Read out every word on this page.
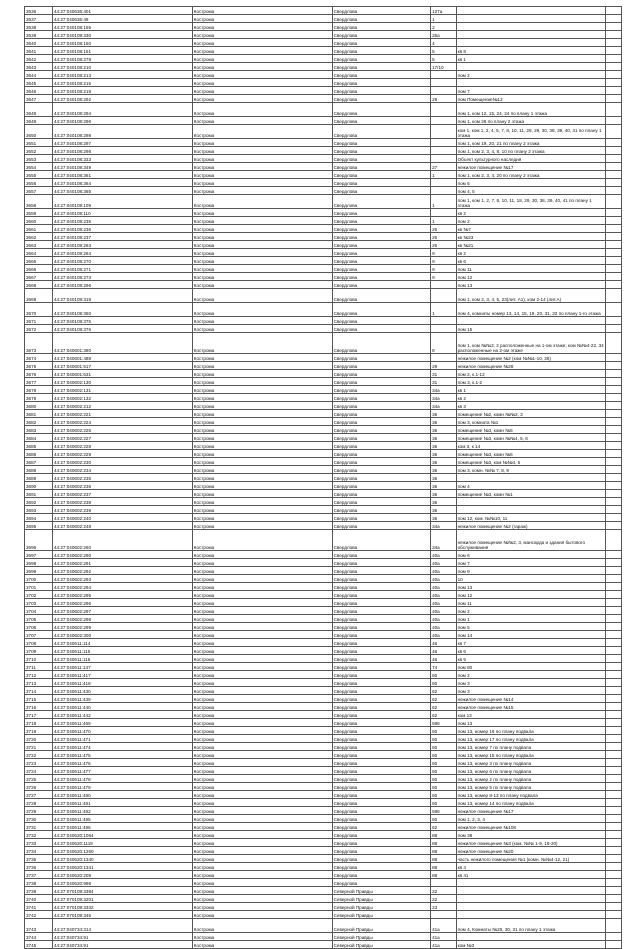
3636	44:27:040636:401	Кострома	Свердлова	127а		
3637	44:27:040636:49	Кострома	Свердлова	1		
3638	44:27:040108:155	Кострома	Свердлова	2		
3639	44:27:040109:330	Кострома	Свердлова	25а		
3640	44:27:040108:150	Кострома	Свердлова	4		
3641	44:27:040108:151	Кострома	Свердлова	5	кв 8	
3642	44:27:040108:279	Кострома	Свердлова	5	кв 1	
3643	44:27:040108:210	Кострома	Свердлова	17/10		
3644	44:27:040108:213	Кострома	Свердлова		пом 2	
3645	44:27:040108:215	Кострома	Свердлова			
3646	44:27:040108:218	Кострома	Свердлова		пом 7	
3647	44:27:040108:292	Кострома	Свердлова	29	пом Помещение№12	
3648	44:27:040108:294	Кострома	Свердлова		пом 1, ком 12, 15, 24, 24 по плану 1 этажа	
3649	44:27:040108:296	Кострома	Свердлова		пом 1, ком 26 по плану 2 этажа	
3650	44:27:040108:298	Кострома	Свердлова		ком 1, ком 1, 2, 4, 5, 7, 8, 10, 11, 28, 29, 30, 38, 39, 40, 41 по плану 1 этажа	
3651	44:27:040108:297	Кострома	Свердлова		пом 1, ком 19, 20, 21 по плану 2 этажа	
3652	44:27:040108:298	Кострома	Свердлова		пом 1, ком 2, 3, 4, 8, 10 по плану 2 этажа	
3653	44:27:040108:333	Кострома	Свердлова		Объект культурного наследия	
3654	44:27:040108:349	Кострома	Свердлова	27	нежилое помещение №17	
3655	44:27:040108:361	Кострома	Свердлова	1	пом 1, ком 2, 3, 4, 20 по плану 2 этажа	
3656	44:27:040108:364	Кострома	Свердлова		пом 5	
3657	44:27:040108:365	Кострома	Свердлова		пом 4, 5	
3658	44:27:040109:109	Кострома	Свердлова	1	пом 1, ком 1, 2, 7, 8, 10, 11, 18, 29, 30, 38, 39, 40, 41 по плану 1 этажа	
3659	44:27:040109:110	Кострома	Свердлова		кв 2	
3660	44:27:040109:235	Кострома	Свердлова	1	пом 2	
3661	44:27:040109:236	Кострома	Свердлова	26	кв №7	
3662	44:27:040109:237	Кострома	Свердлова	26	кв №23	
3663	44:27:040109:263	Кострома	Свердлова	26	кв №21	
3664	44:27:040109:264	Кострома	Свердлова	9	кв 2	
3665	44:27:040109:270	Кострома	Свердлова	9	кв 6	
3666	44:27:040109:271	Кострома	Свердлова	9	пом 11	
3667	44:27:040109:273	Кострома	Свердлова	9	пом 12	
3668	44:27:040109:296	Кострома	Свердлова		пом 13	
3669	44:27:040109:318	Кострома	Свердлова		пом 1, ком 2, 3, 4, 5, 23(лит. А1), ком 2-14 (лит.А)	
3670	44:27:040109:360	Кострома	Свердлова	1	пом 4, комнаты номер 13, 14, 15, 19, 20, 31, 32 по плану 1-го этажа	
3671	44:27:040109:375	Кострома	Свердлова			
3672	44:27:040109:376	Кострома	Свердлова		пом 15	
3673	44:27:040601:380	Кострома	Свердлова	8	пом 1, ком №№3, 2 расположенные на 1-ом этаже; ком №№4-22, 34 расположенные на 2-ом этаже	
3674	44:27:040601:488	Кострома	Свердлова		нежилое помещение №2 (ком №№1-10, 36)	
3675	44:27:040601:517	Кострома	Свердлова	29	нежилое помещение №28	
3676	44:27:040601:531	Кострома	Свердлова	31	пом 2, к.1-12	
3677	44:27:040602:130	Кострома	Свердлова	31	пом 3, к.1-2	
3678	44:27:040602:131	Кострома	Свердлова	34а	кв 1	
3679	44:27:040602:132	Кострома	Свердлова	34а	кв 2	
3680	44:27:040602:212	Кострома	Свердлова	34а	кв 3	
3681	44:27:040602:221	Кострома	Свердлова	36	помещение №2, комн №№2, 3	
3682	44:27:040602:224	Кострома	Свердлова	36	пом 3, комната №1	
3683	44:27:040602:225	Кострома	Свердлова	36	помещение №3, комн №5	
3684	44:27:040602:227	Кострома	Свердлова	36	помещение №3, комн №№4, 5, 6	
3685	44:27:040602:228	Кострома	Свердлова	36	ком 3, к 14	
3686	44:27:040602:229	Кострома	Свердлова	36	помещение №3, комн №6	
3687	44:27:040602:230	Кострома	Свердлова	36	помещение №3, ком №№4, 5	
3688	44:27:040602:234	Кострома	Свердлова	36	пом 3, комн. №№ 7, 8, 9	
3689	44:27:040602:235	Кострома	Свердлова	36		
3690	44:27:040602:236	Кострома	Свердлова	36	пом 4	
3691	44:27:040602:237	Кострома	Свердлова	36	помещение №3, комн №1	
3692	44:27:040602:238	Кострома	Свердлова	36		
3693	44:27:040602:239	Кострома	Свердлова	36		
3694	44:27:040602:240	Кострома	Свердлова	36	пом 12, ком. №№10, 11	
3695	44:27:040602:248	Кострома	Свердлова	34а	нежилое помещение №2 (гараж)	
3696	44:27:040602:260	Кострома	Свердлова	34а	нежилое помещение №№2, 3, мансарда и здания бытового обслуживания	
3697	44:27:040602:290	Кострома	Свердлова	40а	пом 6	
3698	44:27:040602:291	Кострома	Свердлова	40а	пом 7	
3699	44:27:040602:292	Кострома	Свердлова	40а	пом 9	
3700	44:27:040602:293	Кострома	Свердлова	40а	10	
3701	44:27:040602:294	Кострома	Свердлова	40а	пом 13	
3702	44:27:040602:295	Кострома	Свердлова	40а	пом 12	
3703	44:27:040602:296	Кострома	Свердлова	40а	пом 11	
3704	44:27:040602:297	Кострома	Свердлова	40а	пом 2	
3705	44:27:040602:298	Кострома	Свердлова	40а	пом 1	
3706	44:27:040602:299	Кострома	Свердлова	40а	пом 5	
3707	44:27:040602:300	Кострома	Свердлова	40а	пом 14	
3708	44:27:040611:114	Кострома	Свердлова	46	кв 7	
3709	44:27:040611:115	Кострома	Свердлова	46	кв 6	
3710	44:27:040611:116	Кострома	Свердлова	46	кв 5	
3711	44:27:040611:147	Кострома	Свердлова	74	пом 80	
3712	44:27:040611:417	Кострома	Свердлова	60	пом 2	
3713	44:27:040611:418	Кострома	Свердлова	60	пом 3	
3714	44:27:040611:430	Кострома	Свердлова	62	пом 3	
3715	44:27:040611:439	Кострома	Свердлова	62	нежилое помещение №14	
3716	44:27:040611:440	Кострома	Свердлова	62	нежилое помещение №15	
3717	44:27:040611:442	Кострома	Свердлова	62	ком 12	
3718	44:27:040611:469	Кострома	Свердлова	586	пом 13	
3719	44:27:040611:470	Кострома	Свердлова	60	пом 13, номер 16 по плану подвала	
3720	44:27:040611:471	Кострома	Свердлова	60	пом 13, номер 17 по плану подвала	
3721	44:27:040611:474	Кострома	Свердлова	60	пом 13, номер 7 по плану подвала	
3722	44:27:040611:475	Кострома	Свердлова	60	пом 13, номер 15 по плану подвала	
3723	44:27:040611:476	Кострома	Свердлова	60	пом 13, номер 3 по плану подвала	
3724	44:27:040611:477	Кострома	Свердлова	60	пом 13, номер 6 по плану подвала	
3725	44:27:040611:478	Кострома	Свердлова	60	пом 13, номер 2 по плану подвала	
3726	44:27:040611:479	Кострома	Свердлова	60	пом 13, номер 5 по плану подвала	
3727	44:27:040611:480	Кострома	Свердлова	60	пом 13, номер 8-13 по плану подвала	
3728	44:27:040611:481	Кострома	Свердлова	60	пом 13, номер 14 по плану подвала	
3729	44:27:040611:482	Кострома	Свердлова	586	нежилое помещение №17	
3730	44:27:040611:495	Кострома	Свердлова	60	пом 1, 2, 3, 4	
3731	44:27:040611:496	Кострома	Свердлова	62	нежилое помещение №108	
3732	44:27:040620:1064	Кострома	Свердлова	88	пом 38	
3733	44:27:040620:1119	Кострома	Свердлова	88	нежилое помещение №3 (ком. №№ 1-9, 18-20)	
3734	44:27:040620:1260	Кострома	Свердлова	88	нежилое помещение №20	
3735	44:27:040620:1340	Кострома	Свердлова	88	часть нежилого помещения №1 (комн. №№4-12, 21)	
3736	44:27:040620:1341	Кострома	Свердлова	88	кв 4	
3737	44:27:040620:209	Кострома	Свердлова	88	кв 41	
3738	44:27:040620:998	Кострома	Свердлова			
3739	44:27:070109:3384	Кострома	Северной Правды	22		
3740	44:27:070109:3201	Кострома	Северной Правды	22		
3741	44:27:070109:3332	Кострома	Северной Правды	23		
3742	44:27:070109:345	Кострома	Северной Правды			
3743	44:27:040734:314	Кострома	Северной Правды	41а	пом 4, Комнаты №25, 30, 31 по плану 1 этажа	
3744	44:27:040734:91	Кострома	Северной Правды	41а		
3745	44:27:040734:91	Кострома	Северной Правды	41а	ком №3	
